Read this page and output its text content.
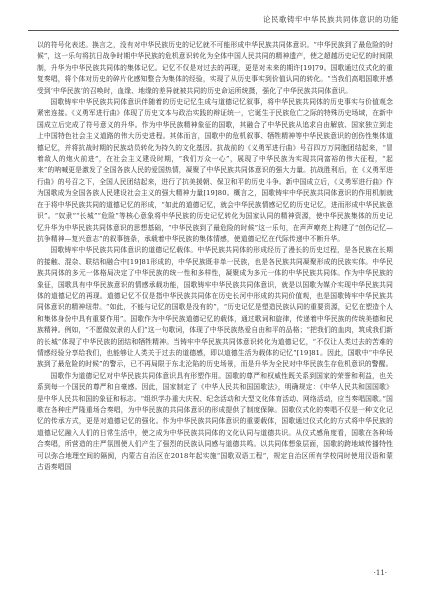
论民歌铸牢中华民族共同体意识的功能

以的符号化表述。换言之，没有对中华民族历史的记忆就不可能形成中华民族共同体意识。“中华民族到了最危险的时候”，这一乐句将抗日战争时期中华民族的危机意识转化为全体中国人民共同的精神遗产，使之超越历史记忆的时间限制，升华为中华民族共同体的集体记忆。记忆不仅是对过去的再现，更是对未来的期许[19]79。国歌通过仪式化的重复奏唱，将个体对历史的碎片化感知整合为集体的经验，实现了从历史事实到价值认同的转化。“当我们高唱国歌并感受到‘中华民族’的召唤时，血缘、地缘的差异就被共同的历史命运所统摄，强化了中华民族共同体意识。

国歌铸牢中华民族共同体意识伴随着的历史记忆生成与道德记忆叙事，将中华民族共同体的历史事实与价值观念紧密连接。《义勇军进行曲》体现了历史文本与政治实践的辩证统一，它诞生于民族危亡之际的特殊历史场域，在新中国成立后完成了符号意义的升华。作为中华民族精神象征的国歌，其融合了中华民族从追求自由解放、国家独立到走上中国特色社会主义道路的伟大历史进程。其体而言，国歌中的危机叙事、牺牲精神等中华民族意识的创伤性集体道德记忆，并将抗战时期的民族动员转化为持久的文化基因。抗战前的《义勇军进行曲》号召四万万同胞团结起来，“冒着敌人的炮火前进”，在社会主义建设时期，“我们万众一心”，展现了中华民族为实现共同富裕的伟大征程，“起来”的呐喊更是激发了全国各族人民的爱国热情，凝聚了中华民族共同体意识的强大力量。抗战胜利后，在《义勇军进行曲》的号召之下，全国人民团结起来，进行了抗美援朝、保卫和平的历史斗争。新中国成立后，《义勇军进行曲》作为国歌成为全国各族人民建设社会主义的强大精神力量[19]80。概言之，国歌铸牢中华民族共同体意识的作用机制就在于将中华民族共同的道德记忆的形成，“如此的道德记忆，就会中华民族情感记忆的历史记忆，进而形成中华民族意识”。“奴隶”“长城”“危险”等核心意象将中华民族的历史记忆转化为国家认同的精神资源，使中华民族集体的历史记忆升华为中华民族共同体意识的思想基础，“中华民族到了最危险的时候”这一乐句，在声声嘹亮上构建了“创伤记忆—抗争精神—复兴意志”的叙事链条，承载着中华民族的集体情感，使道德记忆在代际传递中不断升华。

国歌铸牢中华民族共同体意识的道德记忆载体。中华民族共同体的形成经历了漫长的历史过程，是各民族在长期的接触、混杂、联结和融合中[19]81形成的，中华民族既非单一民族，也是各民族共同凝聚形成的民族实体。中华民族共同体的多元一体格局决定了中华民族的统一性和多样性，凝聚成为多元一体的中华民族共同体。作为中华民族的象征，国歌具有中华民族意识的情感承载功能，国歌铸牢中华民族共同体意识，就是以国歌为媒介实现中华民族共同体的道德记忆的再现。道德记忆不仅是指中华民族共同体在历史长河中形成的共同价值观，也是国歌铸牢中华民族共同体意识的精神纽带。“如此，不能与记忆的国歌是没有的”，“历史记忆是塑造民族认同的重要资源，记忆在塑造个人和集体身份中具有重要作用”。国歌作为中华民族道德记忆的载体，通过歌词和旋律，传递着中华民族的传统美德和民族精神。例如，“不愿做奴隶的人们”这一句歌词，体现了中华民族热爱自由和平的品格；“把我们的血肉，筑成我们新的长城”体现了中华民族的团结和牺牲精神。当铸牢中华民族共同体意识转化为道德记忆，“不仅让人类过去的苦难的情感经验分享给我们，也能够让人类关于过去的道德感，即以道德生活为载体的记忆”[19]81。因此，国歌中“中华民族到了最危险的时候”的警示，已不再局限于东北沦陷的历史场景，而是升华为全民对中华民族生存危机意识的警醒。

国歌作为道德记忆对中华民族共同体意识具有形塑作用。国歌的尊严和权威性既关系到国家的荣誉和利益，也关系到每一个国民的尊严和自豪感。因此，国家制定了《中华人民共和国国歌法》，明确规定：《中华人民共和国国歌》是中华人民共和国的象征和标志。“组织学办重大庆祝、纪念活动和大型文化体育活动、网络活动，应当奏唱国歌。”国歌在各种庄严隆重场合奏唱，为中华民族的共同体意识的形成提供了制度保障。国歌仪式化的奏唱不仅是一种文化记忆的传承方式，更是对道德记忆的强化。作为中华民族共同体意识的重要载体，国歌通过仪式化的方式将中华民族的道德记忆融入人们的日常生活中，使之成为中华民族共同体的文化认同与道德共识。从仪式感角度看，国歌在各种场合奏唱，所营造的庄严氛围使人们产生了强烈的民族认同感与道德共鸣。以共同体想象层面，国歌的跨地域传播特性可以弥合地理空间的隔阂，内蒙古自治区在2018年起实施“国歌双语工程”，规定自治区所有学校同时使用汉语和蒙古语奏唱国

·11·
